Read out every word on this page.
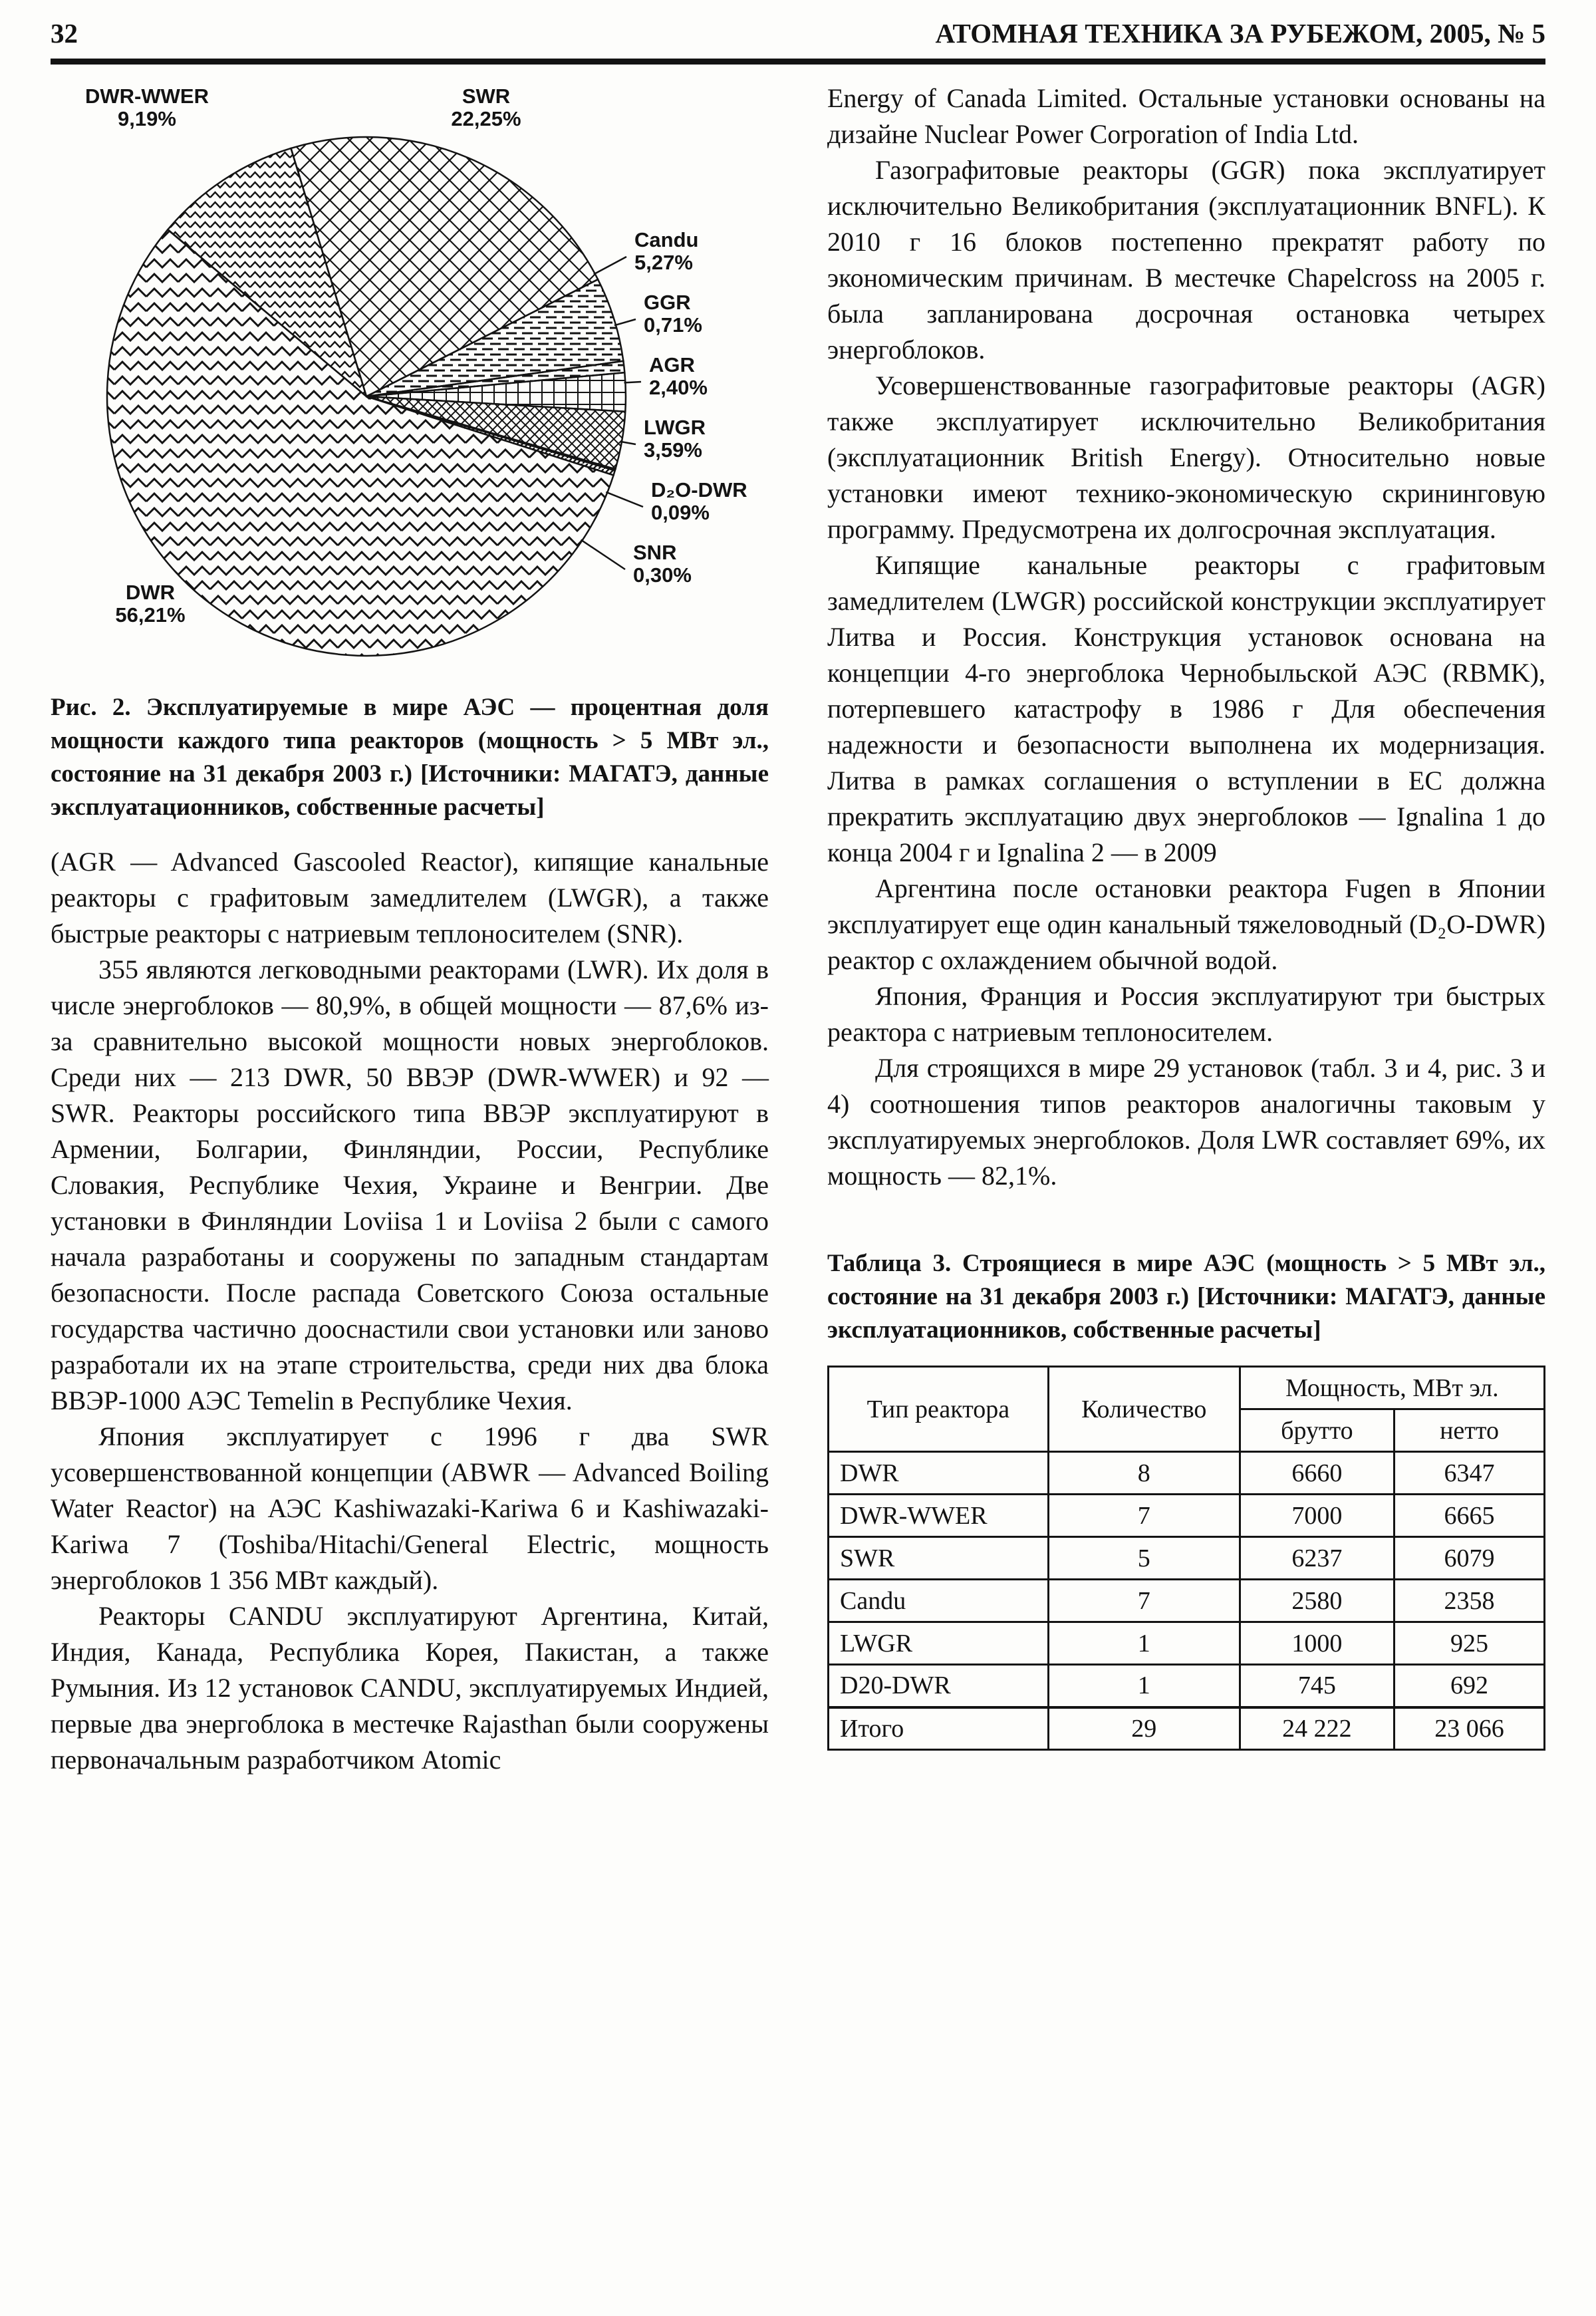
32	АТОМНАЯ ТЕХНИКА ЗА РУБЕЖОМ, 2005, № 5
DWR-WWER 9,19%
SWR 22,25%
Candu 5,27%
GGR 0,71%
AGR 2,40%
LWGR 3,59%
D₂O-DWR 0,09%
SNR 0,30%
DWR 56,21%
Рис. 2. Эксплуатируемые в мире АЭС — процентная доля мощности каждого типа реакторов (мощность > 5 МВт эл., состояние на 31 декабря 2003 г.) [Источники: МАГАТЭ, данные эксплуатационников, собственные расчеты]

(AGR — Advanced Gascooled Reactor), кипящие канальные реакторы с графитовым замедлителем (LWGR), а также быстрые реакторы с натриевым теплоносителем (SNR).

355 являются легководными реакторами (LWR). Их доля в числе энергоблоков — 80,9%, в общей мощности — 87,6% из-за сравнительно высокой мощности новых энергоблоков. Среди них — 213 DWR, 50 ВВЭР (DWR-WWER) и 92 — SWR. Реакторы российского типа ВВЭР эксплуатируют в Армении, Болгарии, Финляндии, России, Республике Словакия, Республике Чехия, Украине и Венгрии. Две установки в Финляндии Loviisa 1 и Loviisa 2 были с самого начала разработаны и сооружены по западным стандартам безопасности. После распада Советского Союза остальные государства частично дооснастили свои установки или заново разработали их на этапе строительства, среди них два блока ВВЭР-1000 АЭС Temelin в Республике Чехия.

Япония эксплуатирует с 1996 г два SWR усовершенствованной концепции (ABWR — Advanced Boiling Water Reactor) на АЭС Kashiwazaki-Kariwa 6 и Kashiwazaki-Kariwa 7 (Toshiba/Hitachi/General Electric, мощность энергоблоков 1 356 МВт каждый).

Реакторы CANDU эксплуатируют Аргентина, Китай, Индия, Канада, Республика Корея, Пакистан, а также Румыния. Из 12 установок CANDU, эксплуатируемых Индией, первые два энергоблока в местечке Rajasthan были сооружены первоначальным разработчиком Atomic

Energy of Canada Limited. Остальные установки основаны на дизайне Nuclear Power Corporation of India Ltd.

Газографитовые реакторы (GGR) пока эксплуатирует исключительно Великобритания (эксплуатационник BNFL). К 2010 г 16 блоков постепенно прекратят работу по экономическим причинам. В местечке Chapelcross на 2005 г. была запланирована досрочная остановка четырех энергоблоков.

Усовершенствованные газографитовые реакторы (AGR) также эксплуатирует исключительно Великобритания (эксплуатационник British Energy). Относительно новые установки имеют технико-экономическую скрининговую программу. Предусмотрена их долгосрочная эксплуатация.

Кипящие канальные реакторы с графитовым замедлителем (LWGR) российской конструкции эксплуатирует Литва и Россия. Конструкция установок основана на концепции 4-го энергоблока Чернобыльской АЭС (RBMK), потерпевшего катастрофу в 1986 г Для обеспечения надежности и безопасности выполнена их модернизация. Литва в рамках соглашения о вступлении в ЕС должна прекратить эксплуатацию двух энергоблоков — Ignalina 1 до конца 2004 г и Ignalina 2 — в 2009

Аргентина после остановки реактора Fugen в Японии эксплуатирует еще один канальный тяжеловодный (D₂O-DWR) реактор с охлаждением обычной водой.

Япония, Франция и Россия эксплуатируют три быстрых реактора с натриевым теплоносителем.

Для строящихся в мире 29 установок (табл. 3 и 4, рис. 3 и 4) соотношения типов реакторов аналогичны таковым у эксплуатируемых энергоблоков. Доля LWR составляет 69%, их мощность — 82,1%.

Таблица 3. Строящиеся в мире АЭС (мощность > 5 МВт эл., состояние на 31 декабря 2003 г.) [Источники: МАГАТЭ, данные эксплуатационников, собственные расчеты]
Тип реактора	Количество	Мощность, МВт эл.	
		брутто	нетто
DWR	8	6660	6347
DWR-WWER	7	7000	6665
SWR	5	6237	6079
Candu	7	2580	2358
LWGR	1	1000	925
D20-DWR	1	745	692
Итого	29	24 222	23 066
